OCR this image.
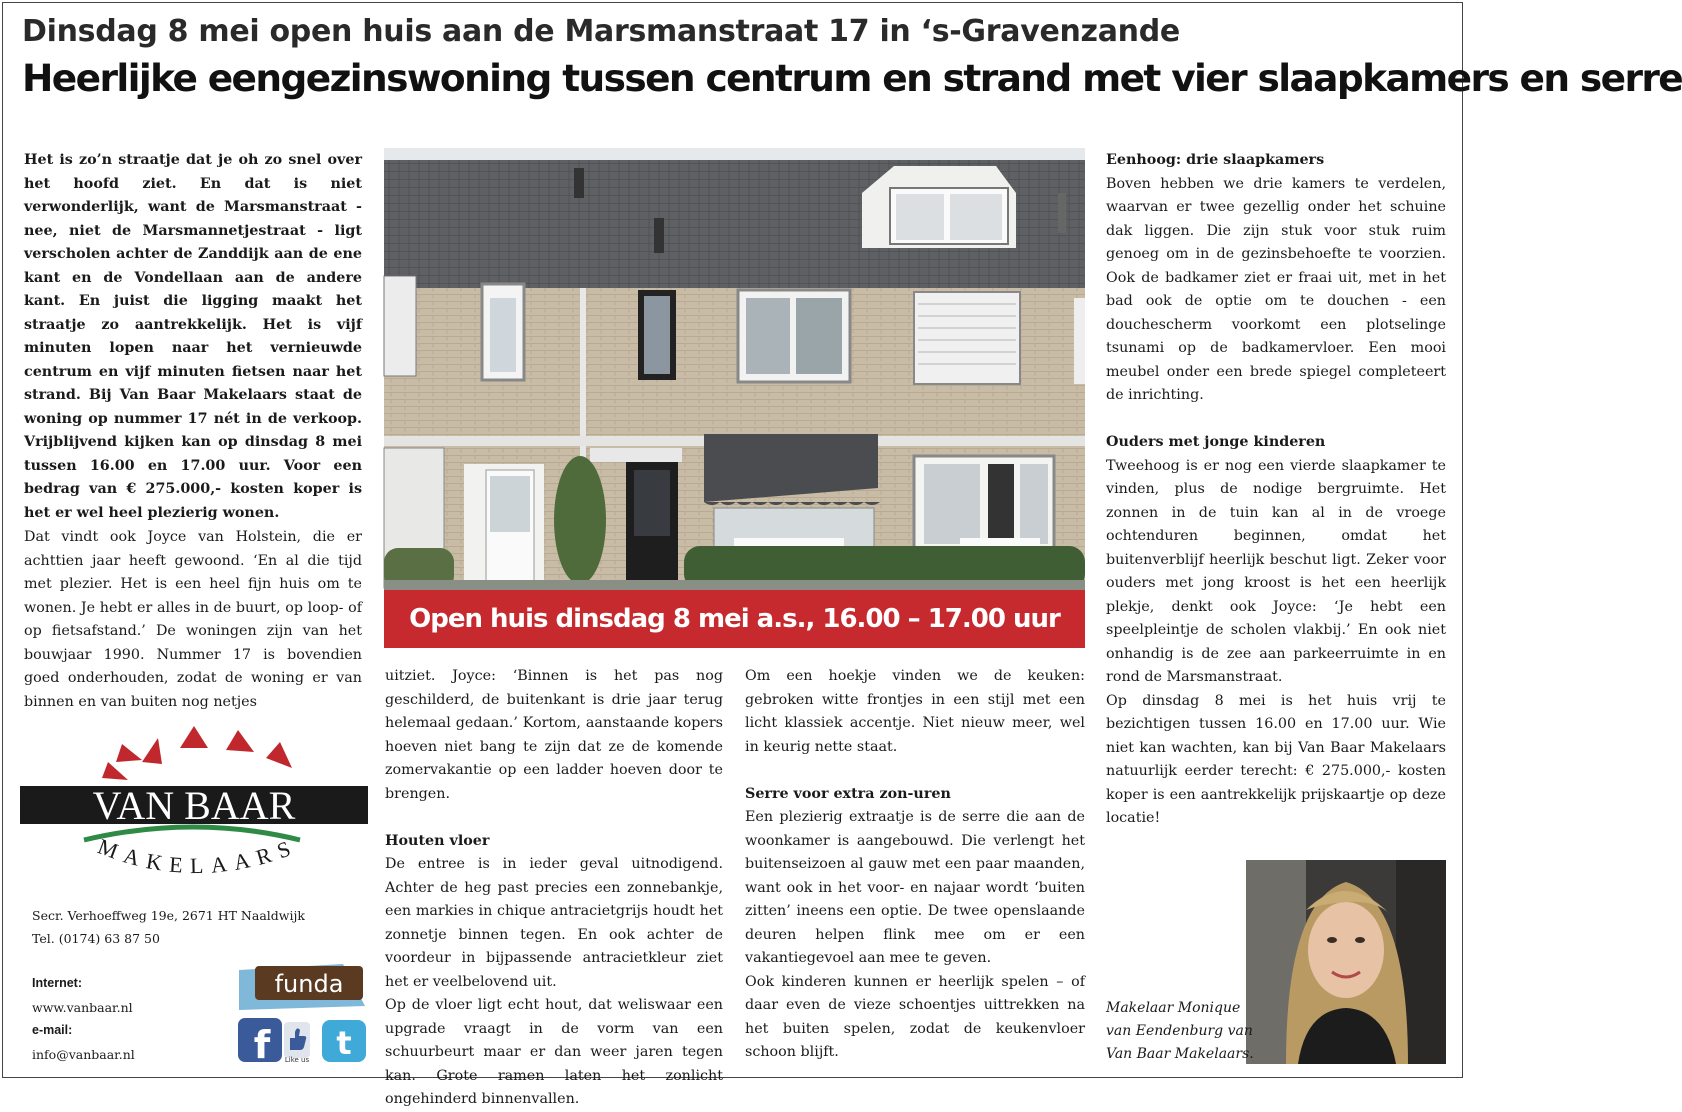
Dinsdag 8 mei open huis aan de Marsmanstraat 17 in ‘s-Gravenzande
Heerlijke eengezinswoning tussen centrum en strand met vier slaapkamers en serre
Het is zo’n straatje dat je oh zo snel over het hoofd ziet. En dat is niet verwonderlijk, want de Marsmanstraat - nee, niet de Marsmannetjestraat - ligt verscholen achter de Zanddijk aan de ene kant en de Vondellaan aan de andere kant. En juist die ligging maakt het straatje zo aantrekkelijk. Het is vijf minuten lopen naar het vernieuwde centrum en vijf minuten fietsen naar het strand. Bij Van Baar Makelaars staat de woning op nummer 17 nét in de verkoop. Vrijblijvend kijken kan op dinsdag 8 mei tussen 16.00 en 17.00 uur. Voor een bedrag van € 275.000,- kosten koper is het er wel heel plezierig wonen.
Dat vindt ook Joyce van Holstein, die er achttien jaar heeft gewoond. ‘En al die tijd met plezier. Het is een heel fijn huis om te wonen. Je hebt er alles in de buurt, op loop- of op fietsafstand.’ De woningen zijn van het bouwjaar 1990. Nummer 17 is bovendien goed onderhouden, zodat de woning er van binnen en van buiten nog netjes
Open huis dinsdag 8 mei a.s., 16.00 – 17.00 uur

uitziet. Joyce: ‘Binnen is het pas nog geschilderd, de buitenkant is drie jaar terug helemaal gedaan.’ Kortom, aanstaande kopers hoeven niet bang te zijn dat ze de komende zomervakantie op een ladder hoeven door te brengen.

Houten vloer

De entree is in ieder geval uitnodigend. Achter de heg past precies een zonnebankje, een markies in chique antracietgrijs houdt het zonnetje binnen tegen. En ook achter de voordeur in bijpassende antracietkleur ziet het er veelbelovend uit.

Op de vloer ligt echt hout, dat weliswaar een upgrade vraagt in de vorm van een schuurbeurt maar er dan weer jaren tegen kan. Grote ramen laten het zonlicht ongehinderd binnenvallen.

Om een hoekje vinden we de keuken: gebroken witte frontjes in een stijl met een licht klassiek accentje. Niet nieuw meer, wel in keurig nette staat.

Serre voor extra zon-uren

Een plezierig extraatje is de serre die aan de woonkamer is aangebouwd. Die verlengt het buitenseizoen al gauw met een paar maanden, want ook in het voor- en najaar wordt ‘buiten zitten’ ineens een optie. De twee openslaande deuren helpen flink mee om er een vakantiegevoel aan mee te geven.

Ook kinderen kunnen er heerlijk spelen – of daar even de vieze schoentjes uittrekken na het buiten spelen, zodat de keukenvloer schoon blijft.

Eenhoog: drie slaapkamers

Boven hebben we drie kamers te verdelen, waarvan er twee gezellig onder het schuine dak liggen. Die zijn stuk voor stuk ruim genoeg om in de gezinsbehoefte te voorzien. Ook de badkamer ziet er fraai uit, met in het bad ook de optie om te douchen - een douchescherm voorkomt een plotselinge tsunami op de badkamervloer. Een mooi meubel onder een brede spiegel completeert de inrichting.

Ouders met jonge kinderen

Tweehoog is er nog een vierde slaapkamer te vinden, plus de nodige bergruimte. Het zonnen in de tuin kan al in de vroege ochtenduren beginnen, omdat het buitenverblijf heerlijk beschut ligt. Zeker voor ouders met jong kroost is het een heerlijk plekje, denkt ook Joyce: ‘Je hebt een speelpleintje de scholen vlakbij.’ En ook niet onhandig is de zee aan parkeerruimte in en rond de Marsmanstraat.

Op dinsdag 8 mei is het huis vrij te bezichtigen tussen 16.00 en 17.00 uur. Wie niet kan wachten, kan bij Van Baar Makelaars natuurlijk eerder terecht: € 275.000,- kosten koper is een aantrekkelijk prijskaartje op deze locatie!

VAN BAAR
MAKELAARS
Secr. Verhoeffweg 19e, 2671 HT Naaldwijk
Tel. (0174) 63 87 50
Internet:
www.vanbaar.nl
e-mail:
info@vanbaar.nl
funda
f Like us t
Makelaar Monique
van Eendenburg van
Van Baar Makelaars.
